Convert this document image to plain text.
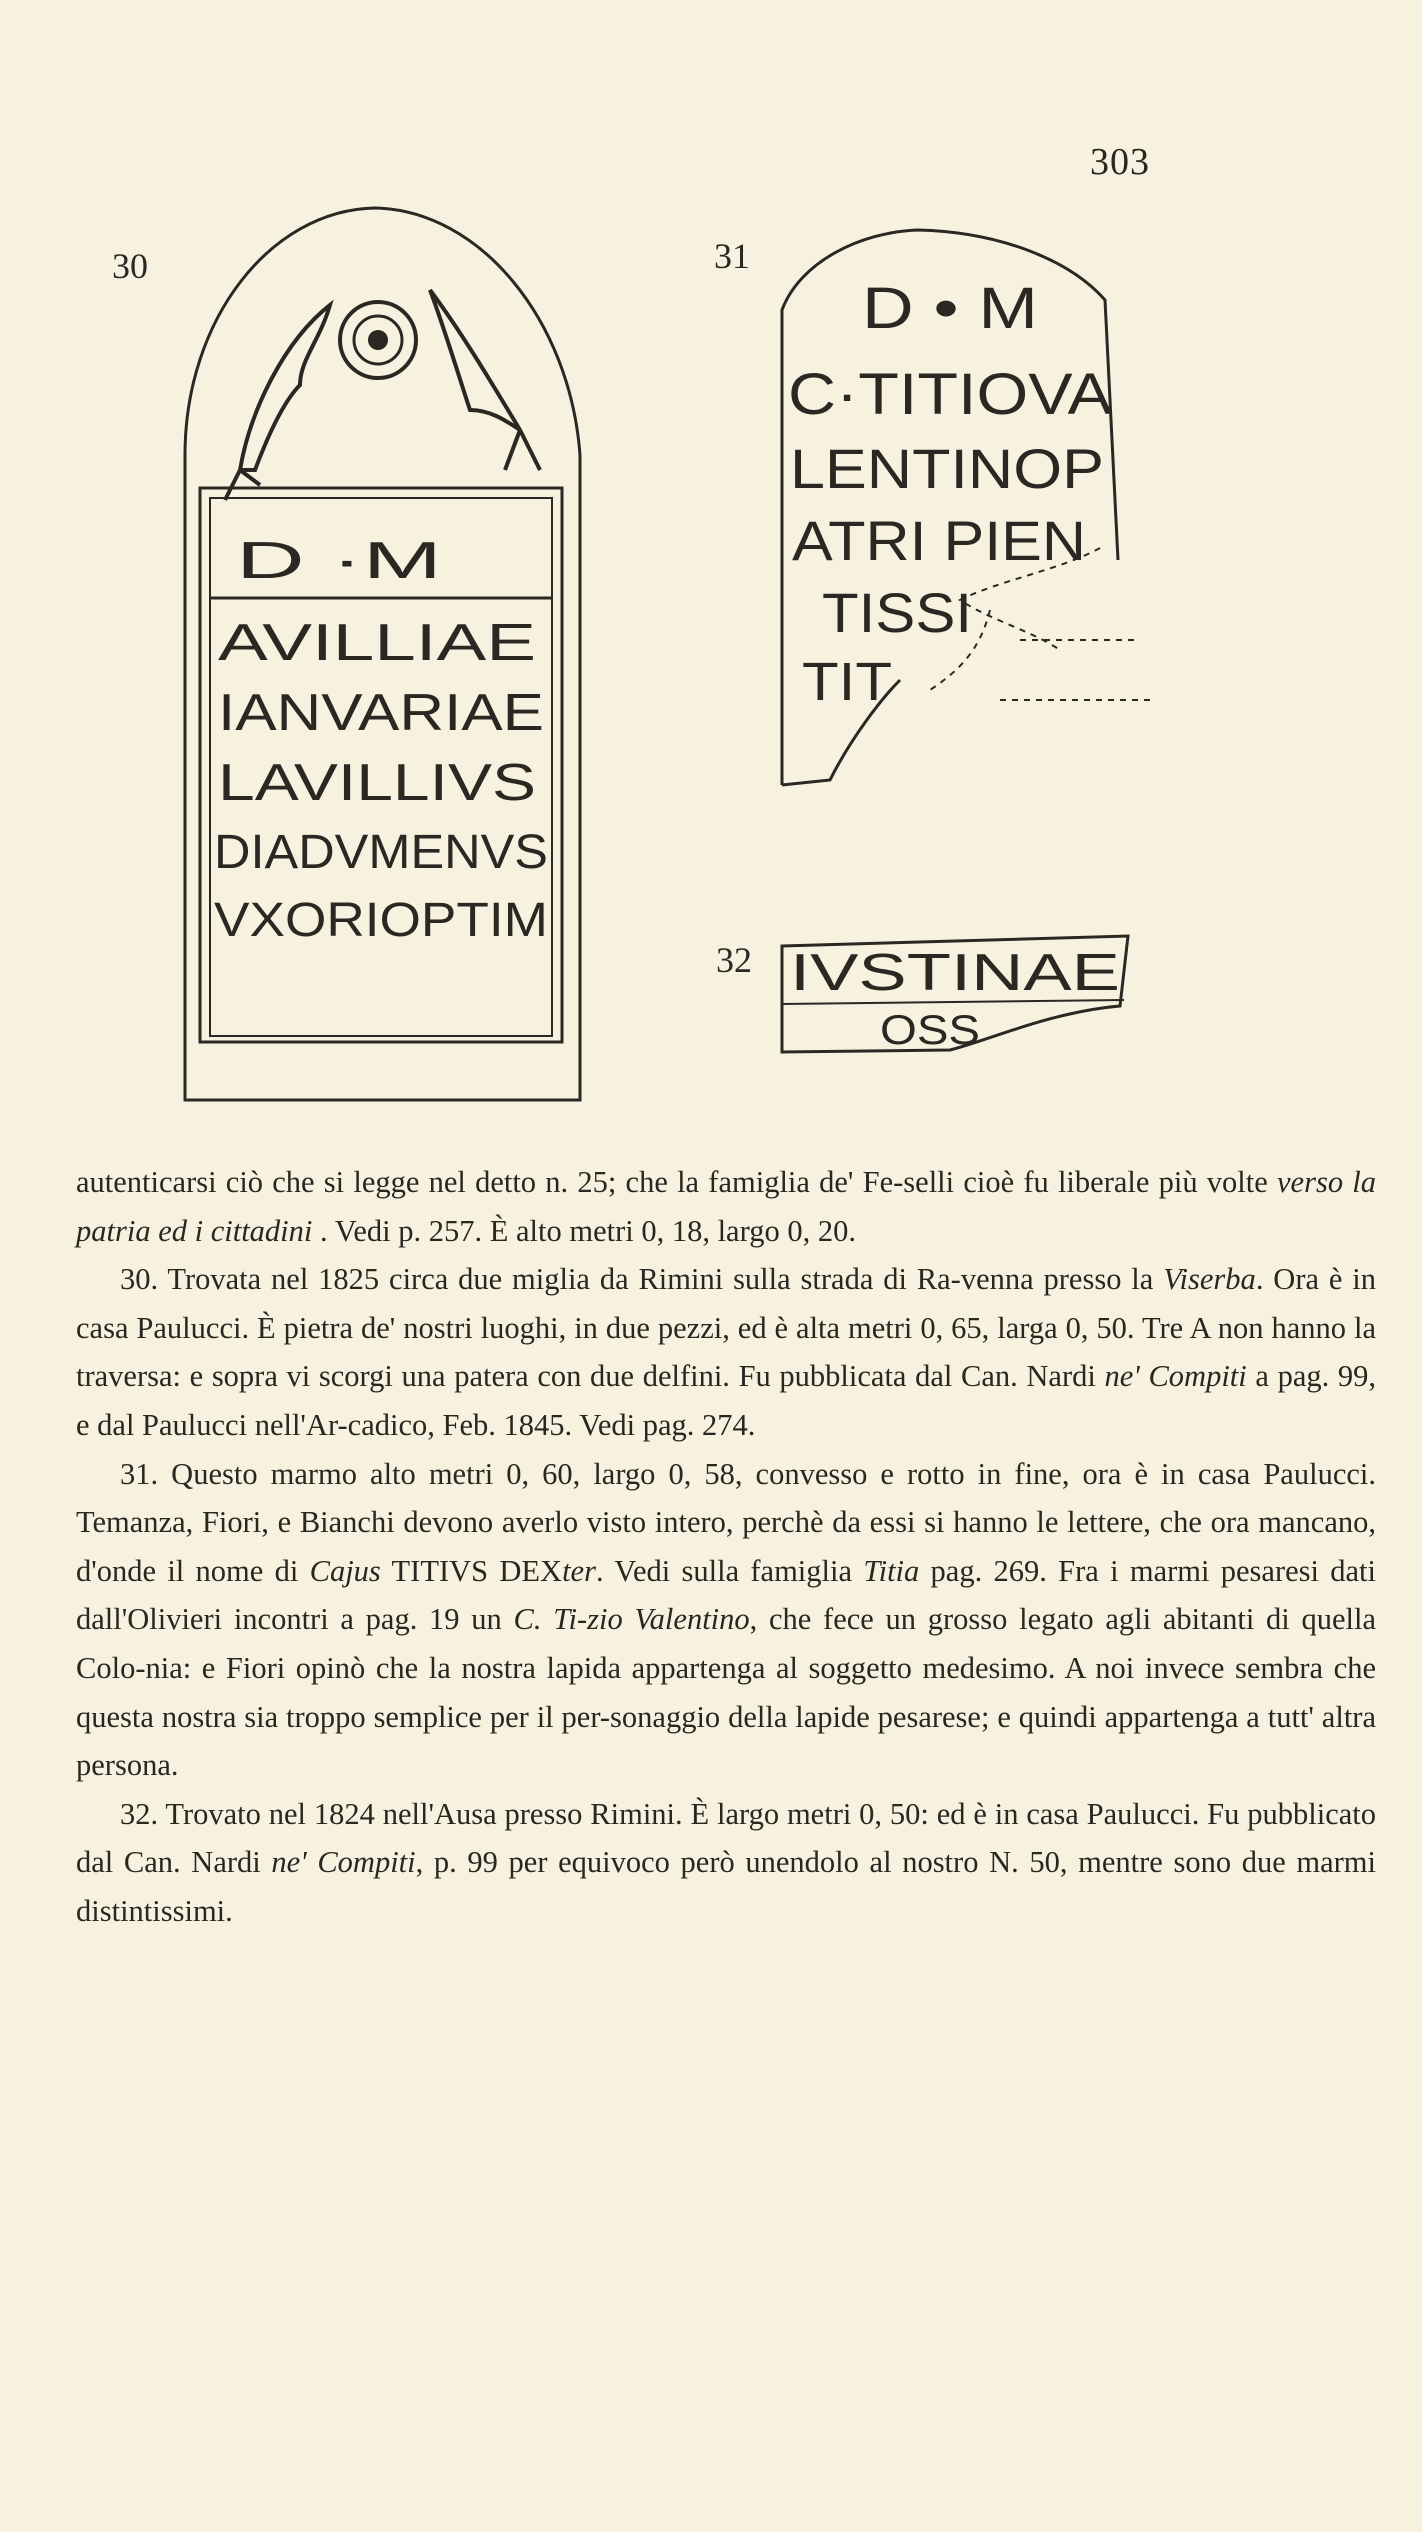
303
30
D ·M
AVILLIAE
IANVARIAE
LAVILLIVS
DIADVMENVS
VXORIOPTIM
31
D • M
C·TITIOVA
LENTINOP
ATRI PIEN
TISSI
TIT
32 IVSTINAE
OSS

autenticarsi ciò che si legge nel detto n. 25; che la famiglia de' Fe-selli cioè fu liberale più volte verso la patria ed i cittadini . Vedi p. 257. È alto metri 0, 18, largo 0, 20.

30. Trovata nel 1825 circa due miglia da Rimini sulla strada di Ra-venna presso la Viserba. Ora è in casa Paulucci. È pietra de' nostri luoghi, in due pezzi, ed è alta metri 0, 65, larga 0, 50. Tre A non hanno la traversa: e sopra vi scorgi una patera con due delfini. Fu pubblicata dal Can. Nardi ne' Compiti a pag. 99, e dal Paulucci nell'Ar-cadico, Feb. 1845. Vedi pag. 274.

31. Questo marmo alto metri 0, 60, largo 0, 58, convesso e rotto in fine, ora è in casa Paulucci. Temanza, Fiori, e Bianchi devono averlo visto intero, perchè da essi si hanno le lettere, che ora mancano, d'onde il nome di Cajus TITIVS DEXter. Vedi sulla famiglia Titia pag. 269. Fra i marmi pesaresi dati dall'Olivieri incontri a pag. 19 un C. Ti-zio Valentino, che fece un grosso legato agli abitanti di quella Colo-nia: e Fiori opinò che la nostra lapida appartenga al soggetto medesimo. A noi invece sembra che questa nostra sia troppo semplice per il per-sonaggio della lapide pesarese; e quindi appartenga a tutt' altra persona.

32. Trovato nel 1824 nell'Ausa presso Rimini. È largo metri 0, 50: ed è in casa Paulucci. Fu pubblicato dal Can. Nardi ne' Compiti, p. 99 per equivoco però unendolo al nostro N. 50, mentre sono due marmi distintissimi.
